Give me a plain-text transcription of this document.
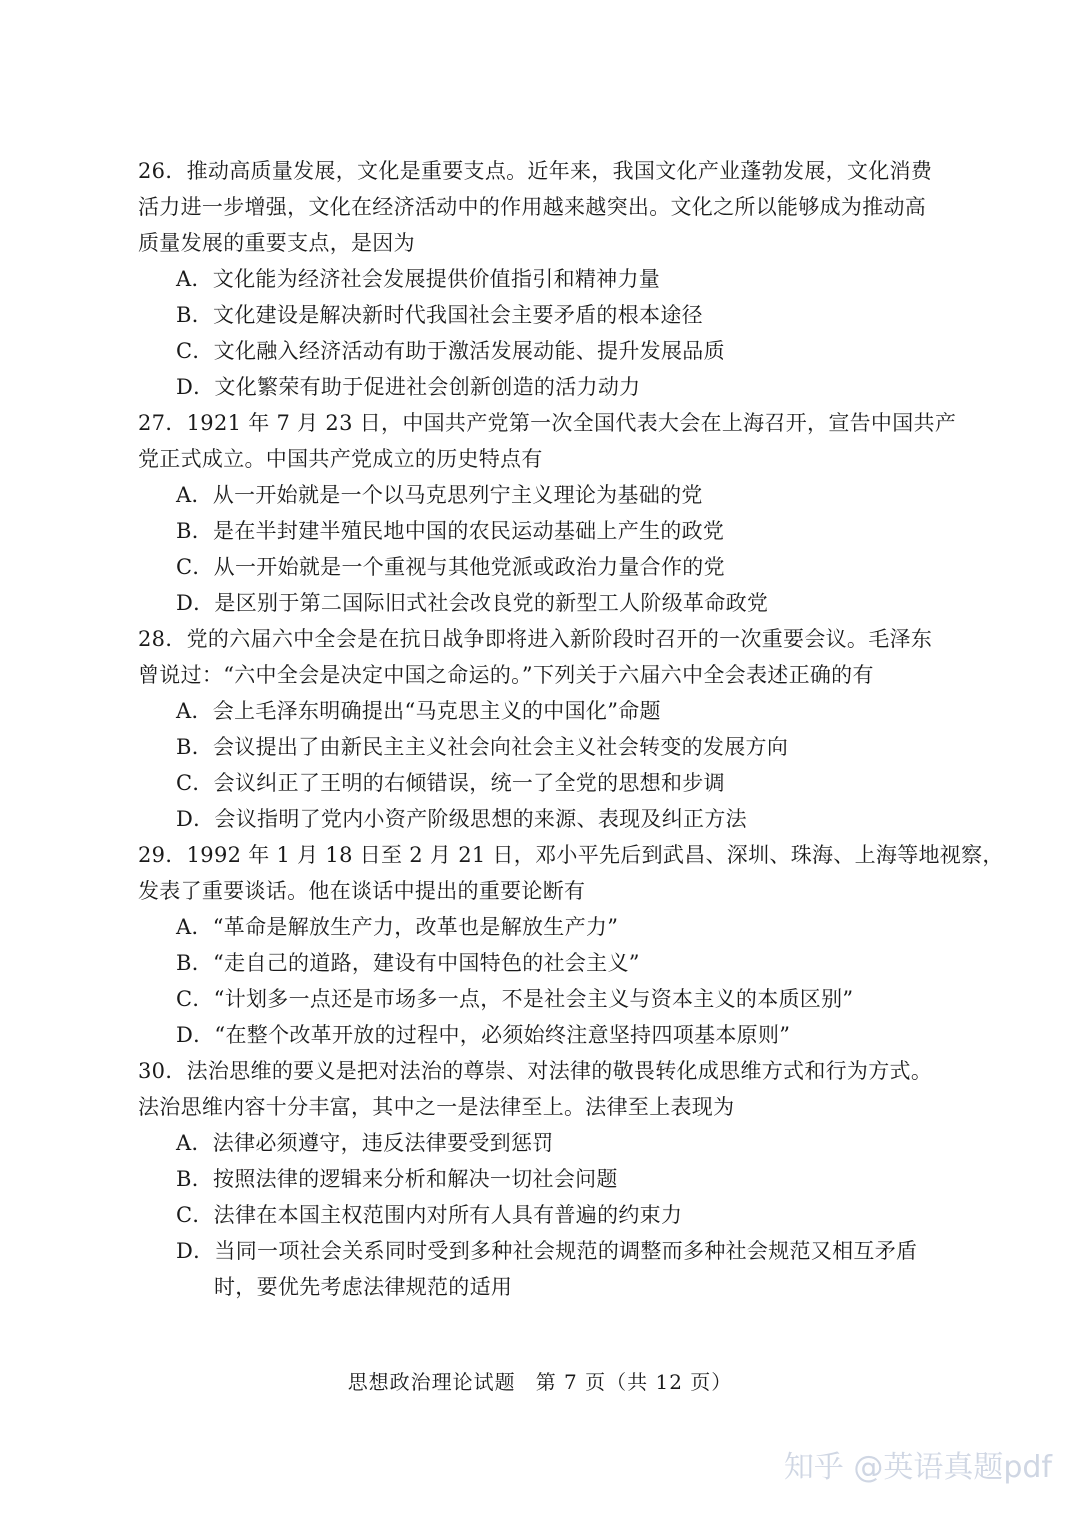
26．推动高质量发展，文化是重要支点。近年来，我国文化产业蓬勃发展，文化消费
活力进一步增强，文化在经济活动中的作用越来越突出。文化之所以能够成为推动高
质量发展的重要支点，是因为
A．文化能为经济社会发展提供价值指引和精神力量
B．文化建设是解决新时代我国社会主要矛盾的根本途径
C．文化融入经济活动有助于激活发展动能、提升发展品质
D．文化繁荣有助于促进社会创新创造的活力动力
27．1921 年 7 月 23 日，中国共产党第一次全国代表大会在上海召开，宣告中国共产
党正式成立。中国共产党成立的历史特点有
A．从一开始就是一个以马克思列宁主义理论为基础的党
B．是在半封建半殖民地中国的农民运动基础上产生的政党
C．从一开始就是一个重视与其他党派或政治力量合作的党
D．是区别于第二国际旧式社会改良党的新型工人阶级革命政党
28．党的六届六中全会是在抗日战争即将进入新阶段时召开的一次重要会议。毛泽东
曾说过：“六中全会是决定中国之命运的。”下列关于六届六中全会表述正确的有
A．会上毛泽东明确提出“马克思主义的中国化”命题
B．会议提出了由新民主主义社会向社会主义社会转变的发展方向
C．会议纠正了王明的右倾错误，统一了全党的思想和步调
D．会议指明了党内小资产阶级思想的来源、表现及纠正方法
29．1992 年 1 月 18 日至 2 月 21 日，邓小平先后到武昌、深圳、珠海、上海等地视察，
发表了重要谈话。他在谈话中提出的重要论断有
A．“革命是解放生产力，改革也是解放生产力”
B．“走自己的道路，建设有中国特色的社会主义”
C．“计划多一点还是市场多一点，不是社会主义与资本主义的本质区别”
D．“在整个改革开放的过程中，必须始终注意坚持四项基本原则”
30．法治思维的要义是把对法治的尊崇、对法律的敬畏转化成思维方式和行为方式。
法治思维内容十分丰富，其中之一是法律至上。法律至上表现为
A．法律必须遵守，违反法律要受到惩罚
B．按照法律的逻辑来分析和解决一切社会问题
C．法律在本国主权范围内对所有人具有普遍的约束力
D．当同一项社会关系同时受到多种社会规范的调整而多种社会规范又相互矛盾
时，要优先考虑法律规范的适用
思想政治理论试题 第 7 页（共 12 页）
知乎 @英语真题pdf
